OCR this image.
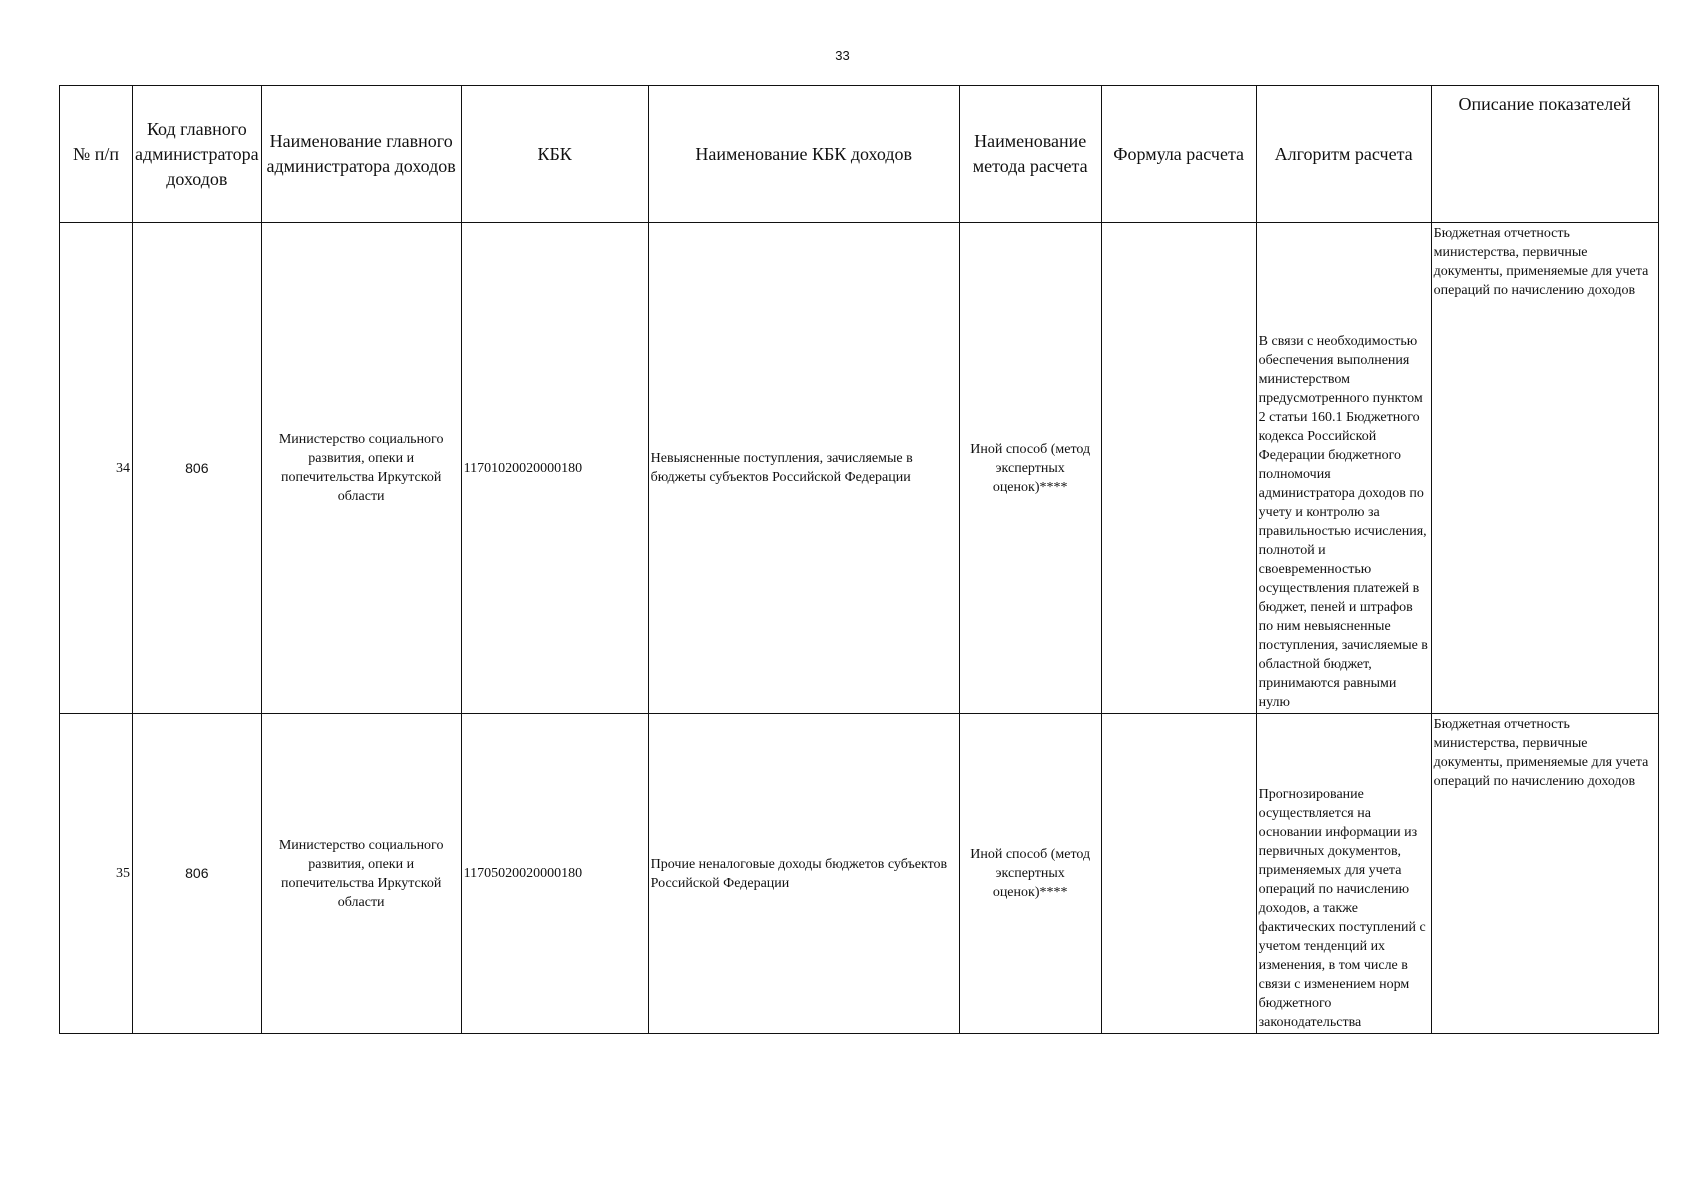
33
№ п/п	Код главного администратора доходов	Наименование главного администратора доходов	КБК	Наименование КБК доходов	Наименование метода расчета	Формула расчета	Алгоритм расчета	Описание показателей
34	806	Министерство социального развития, опеки и попечительства Иркутской области	11701020020000180	Невыясненные поступления, зачисляемые в бюджеты субъектов Российской Федерации	Иной способ (метод экспертных оценок)****		В связи с необходимостью обеспечения выполнения министерством предусмотренного пунктом 2 статьи 160.1 Бюджетного кодекса Российской Федерации бюджетного полномочия администратора доходов по учету и контролю за правильностью исчисления, полнотой и своевременностью осуществления платежей в бюджет, пеней и штрафов по ним невыясненные поступления, зачисляемые в областной бюджет, принимаются равными нулю	Бюджетная отчетность министерства, первичные документы, применяемые для учета операций по начислению доходов
35	806	Министерство социального развития, опеки и попечительства Иркутской области	11705020020000180	Прочие неналоговые доходы бюджетов субъектов Российской Федерации	Иной способ (метод экспертных оценок)****		Прогнозирование осуществляется на основании информации из первичных документов, применяемых для учета операций по начислению доходов, а также фактических поступлений с учетом тенденций их изменения, в том числе в связи с изменением норм бюджетного законодательства	Бюджетная отчетность министерства, первичные документы, применяемые для учета операций по начислению доходов
